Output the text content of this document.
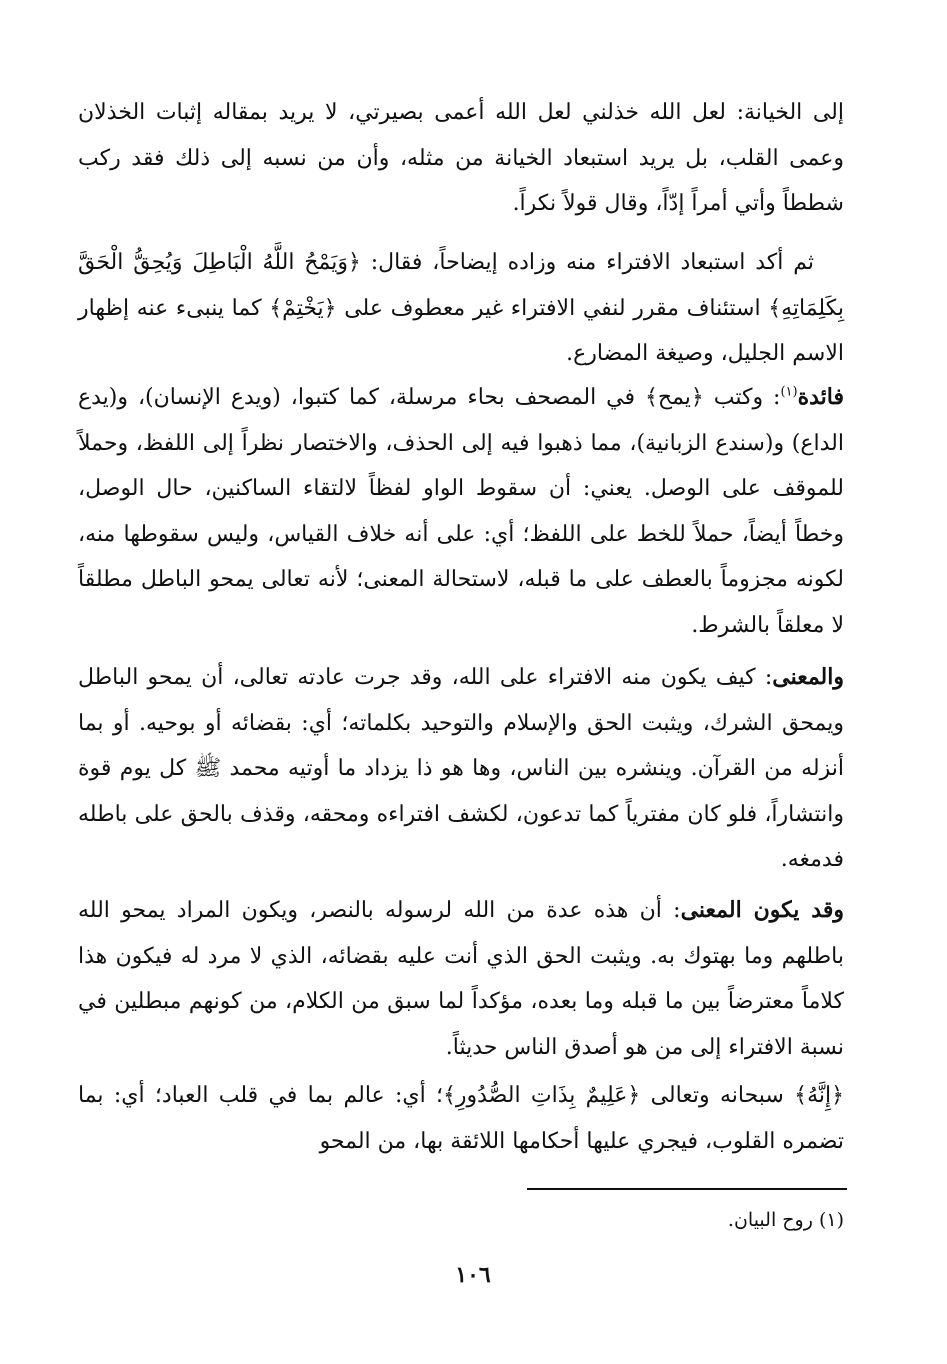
إلى الخيانة: لعل الله خذلني لعل الله أعمى بصيرتي، لا يريد بمقاله إثبات الخذلان وعمى القلب، بل يريد استبعاد الخيانة من مثله، وأن من نسبه إلى ذلك فقد ركب شططاً وأتي أمراً إدّاً، وقال قولاً نكراً.

ثم أكد استبعاد الافتراء منه وزاده إيضاحاً، فقال: ﴿وَيَمْحُ اللَّهُ الْبَاطِلَ وَيُحِقُّ الْحَقَّ بِكَلِمَاتِهِ﴾ استئناف مقرر لنفي الافتراء غير معطوف على ﴿يَخْتِمْ﴾ كما ينبىء عنه إظهار الاسم الجليل، وصيغة المضارع.

فائدة$^{(١)}$: وكتب ﴿يمح﴾ في المصحف بحاء مرسلة، كما كتبوا، (ويدع الإنسان)، و(يدع الداع) و(سندع الزبانية)، مما ذهبوا فيه إلى الحذف، والاختصار نظراً إلى اللفظ، وحملاً للموقف على الوصل. يعني: أن سقوط الواو لفظاً لالتقاء الساكنين، حال الوصل، وخطاً أيضاً، حملاً للخط على اللفظ؛ أي: على أنه خلاف القياس، وليس سقوطها منه، لكونه مجزوماً بالعطف على ما قبله، لاستحالة المعنى؛ لأنه تعالى يمحو الباطل مطلقاً لا معلقاً بالشرط.

والمعنى: كيف يكون منه الافتراء على الله، وقد جرت عادته تعالى، أن يمحو الباطل ويمحق الشرك، ويثبت الحق والإسلام والتوحيد بكلماته؛ أي: بقضائه أو بوحيه. أو بما أنزله من القرآن. وينشره بين الناس، وها هو ذا يزداد ما أوتيه محمد ﷺ كل يوم قوة وانتشاراً، فلو كان مفترياً كما تدعون، لكشف افتراءه ومحقه، وقذف بالحق على باطله فدمغه.

وقد يكون المعنى: أن هذه عدة من الله لرسوله بالنصر، ويكون المراد يمحو الله باطلهم وما بهتوك به. ويثبت الحق الذي أنت عليه بقضائه، الذي لا مرد له فيكون هذا كلاماً معترضاً بين ما قبله وما بعده، مؤكداً لما سبق من الكلام، من كونهم مبطلين في نسبة الافتراء إلى من هو أصدق الناس حديثاً.

﴿إِنَّهُ﴾ سبحانه وتعالى ﴿عَلِيمٌ بِذَاتِ الصُّدُورِ﴾؛ أي: عالم بما في قلب العباد؛ أي: بما تضمره القلوب، فيجري عليها أحكامها اللائقة بها، من المحو

(١) روح البيان.
١٠٦
